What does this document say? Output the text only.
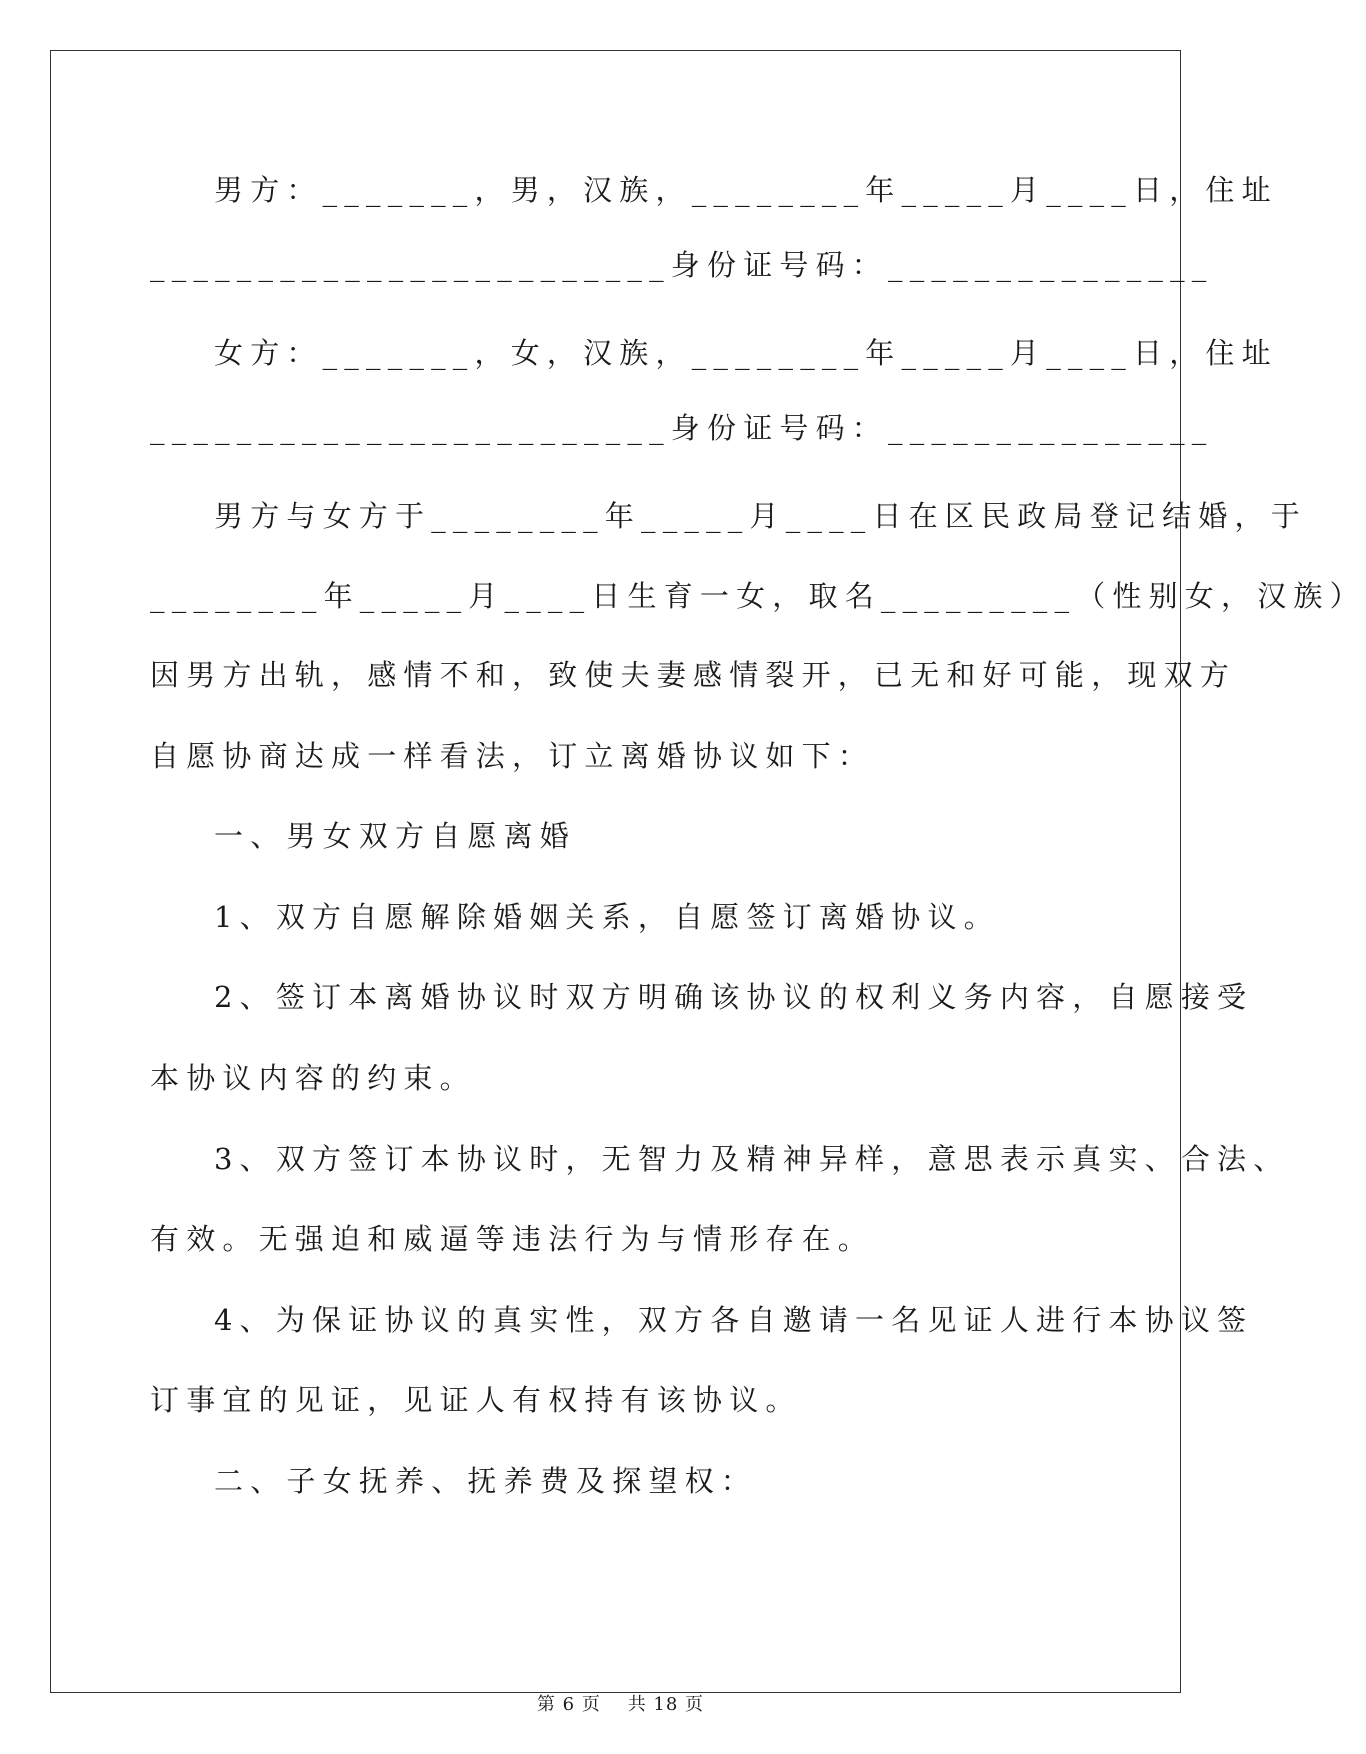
男方：_______，男，汉族，________年_____月____日，住址
________________________身份证号码：_______________
女方：_______，女，汉族，________年_____月____日，住址
________________________身份证号码：_______________
男方与女方于________年_____月____日在区民政局登记结婚，于
________年_____月____日生育一女，取名_________（性别女，汉族）
因男方出轨，感情不和，致使夫妻感情裂开，已无和好可能，现双方
自愿协商达成一样看法，订立离婚协议如下：
一、男女双方自愿离婚
1、双方自愿解除婚姻关系，自愿签订离婚协议。
2、签订本离婚协议时双方明确该协议的权利义务内容，自愿接受
本协议内容的约束。
3、双方签订本协议时，无智力及精神异样，意思表示真实、合法、
有效。无强迫和威逼等违法行为与情形存在。
4、为保证协议的真实性，双方各自邀请一名见证人进行本协议签
订事宜的见证，见证人有权持有该协议。
二、子女抚养、抚养费及探望权：
第 6 页    共 18 页
